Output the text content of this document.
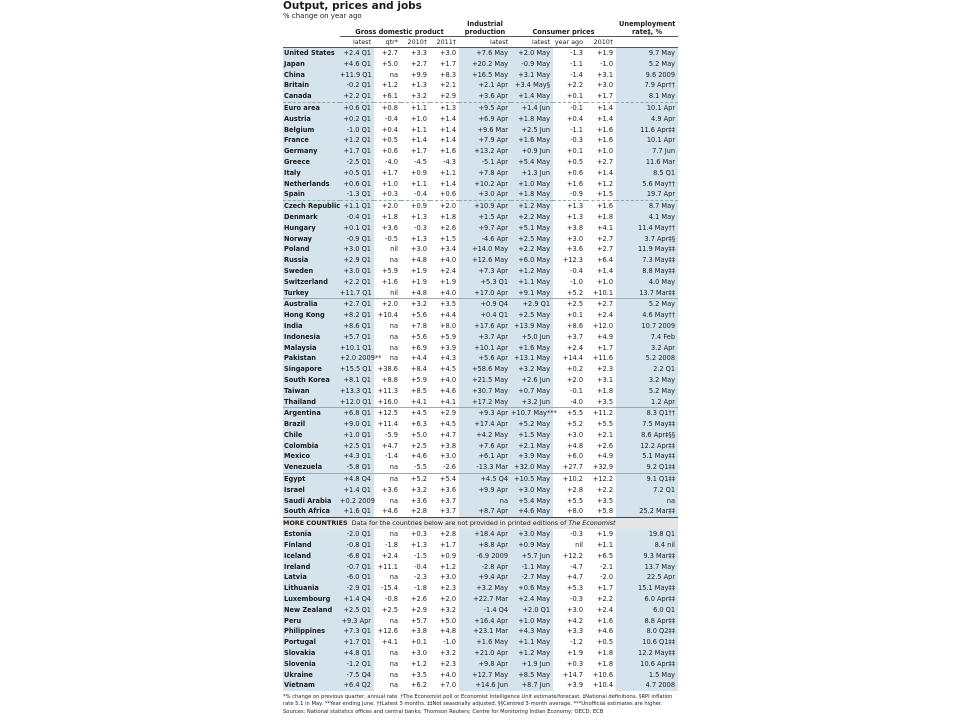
Output, prices and jobs
% change on year ago
	Gross domestic product				Industrial production	Consumer prices			Unemployment rate‡, %
	latest	qtr*	2010†	2011†	latest	latest	year ago	2010†	
United States	+2.4 Q1	+2.7	+3.3	+3.0	+7.6 May	+2.0 May	-1.3	+1.9	9.7 May
Japan	+4.6 Q1	+5.0	+2.7	+1.7	+20.2 May	-0.9 May	-1.1	-1.0	5.2 May
China	+11.9 Q1	na	+9.9	+8.3	+16.5 May	+3.1 May	-1.4	+3.1	9.6 2009
Britain	-0.2 Q1	+1.2	+1.3	+2.1	+2.1 Apr	+3.4 May§	+2.2	+3.0	7.9 Apr††
Canada	+2.2 Q1	+6.1	+3.2	+2.9	+3.6 Apr	+1.4 May	+0.1	+1.7	8.1 May
Euro area	+0.6 Q1	+0.8	+1.1	+1.3	+9.5 Apr	+1.4 Jun	-0.1	+1.4	10.1 Apr
Austria	+0.2 Q1	-0.4	+1.0	+1.4	+6.9 Apr	+1.8 May	+0.4	+1.4	4.9 Apr
Belgium	-1.0 Q1	+0.4	+1.1	+1.4	+9.6 Mar	+2.5 Jun	-1.1	+1.6	11.6 Apr‡‡
France	+1.2 Q1	+0.5	+1.4	+1.4	+7.9 Apr	+1.6 May	-0.3	+1.6	10.1 Apr
Germany	+1.7 Q1	+0.6	+1.7	+1.6	+13.2 Apr	+0.9 Jun	+0.1	+1.0	7.7 Jun
Greece	-2.5 Q1	-4.0	-4.5	-4.3	-5.1 Apr	+5.4 May	+0.5	+2.7	11.6 Mar
Italy	+0.5 Q1	+1.7	+0.9	+1.1	+7.8 Apr	+1.3 Jun	+0.6	+1.4	8.5 Q1
Netherlands	+0.6 Q1	+1.0	+1.1	+1.4	+10.2 Apr	+1.0 May	+1.6	+1.2	5.6 May††
Spain	-1.3 Q1	+0.3	-0.4	+0.6	+3.0 Apr	+1.8 May	-0.9	+1.5	19.7 Apr
Czech Republic	+1.1 Q1	+2.0	+0.9	+2.0	+10.9 Apr	+1.2 May	+1.3	+1.6	8.7 May
Denmark	-0.4 Q1	+1.8	+1.3	+1.8	+1.5 Apr	+2.2 May	+1.3	+1.8	4.1 May
Hungary	+0.1 Q1	+3.6	-0.3	+2.6	+9.7 Apr	+5.1 May	+3.8	+4.1	11.4 May††
Norway	-0.9 Q1	-0.5	+1.3	+1.5	-4.6 Apr	+2.5 May	+3.0	+2.7	3.7 Apr‡§
Poland	+3.0 Q1	nil	+3.0	+3.4	+14.0 May	+2.2 May	+3.6	+2.7	11.9 May‡‡
Russia	+2.9 Q1	na	+4.8	+4.0	+12.6 May	+6.0 May	+12.3	+6.4	7.3 May‡‡
Sweden	+3.0 Q1	+5.9	+1.9	+2.4	+7.3 Apr	+1.2 May	-0.4	+1.4	8.8 May‡‡
Switzerland	+2.2 Q1	+1.6	+1.9	+1.9	+5.3 Q1	+1.1 May	-1.0	+1.0	4.0 May
Turkey	+11.7 Q1	nil	+4.8	+4.0	+17.0 Apr	+9.1 May	+5.2	+10.1	13.7 Mar‡‡
Australia	+2.7 Q1	+2.0	+3.2	+3.5	+0.9 Q4	+2.9 Q1	+2.5	+2.7	5.2 May
Hong Kong	+8.2 Q1	+10.4	+5.6	+4.4	+0.4 Q1	+2.5 May	+0.1	+2.4	4.6 May††
India	+8.6 Q1	na	+7.8	+8.0	+17.6 Apr	+13.9 May	+8.6	+12.0	10.7 2009
Indonesia	+5.7 Q1	na	+5.6	+5.9	+3.7 Apr	+5.0 Jun	+3.7	+4.9	7.4 Feb
Malaysia	+10.1 Q1	na	+6.9	+3.9	+10.1 Apr	+1.6 May	+2.4	+1.7	3.2 Apr
Pakistan	+2.0 2009**	na	+4.4	+4.3	+5.6 Apr	+13.1 May	+14.4	+11.6	5.2 2008
Singapore	+15.5 Q1	+38.6	+8.4	+4.5	+58.6 May	+3.2 May	+0.2	+2.3	2.2 Q1
South Korea	+8.1 Q1	+8.8	+5.9	+4.0	+21.5 May	+2.6 Jun	+2.0	+3.1	3.2 May
Taiwan	+13.3 Q1	+11.3	+8.5	+4.6	+30.7 May	+0.7 May	-0.1	+1.8	5.2 May
Thailand	+12.0 Q1	+16.0	+4.1	+4.1	+17.2 May	+3.2 Jun	-4.0	+3.5	1.2 Apr
Argentina	+6.8 Q1	+12.5	+4.5	+2.9	+9.3 Apr	+10.7 May***	+5.5	+11.2	8.3 Q1††
Brazil	+9.0 Q1	+11.4	+6.3	+4.5	+17.4 Apr	+5.2 May	+5.2	+5.5	7.5 May‡‡
Chile	+1.0 Q1	-5.9	+5.0	+4.7	+4.2 May	+1.5 May	+3.0	+2.1	8.6 Apr‡§§
Colombia	+2.5 Q1	+4.7	+2.5	+3.8	+7.6 Apr	+2.1 May	+4.8	+2.6	12.2 Apr‡‡
Mexico	+4.3 Q1	-1.4	+4.6	+3.0	+6.1 Apr	+3.9 May	+6.0	+4.9	5.1 May‡‡
Venezuela	-5.8 Q1	na	-5.5	-2.6	-13.3 Mar	+32.0 May	+27.7	+32.9	9.2 Q1‡‡
Egypt	+4.8 Q4	na	+5.2	+5.4	+4.5 Q4	+10.5 May	+10.2	+12.2	9.1 Q1‡‡
Israel	+1.4 Q1	+3.6	+3.2	+3.6	+9.9 Apr	+3.0 May	+2.8	+2.2	7.2 Q1
Saudi Arabia	+0.2 2009	na	+3.6	+3.7	na	+5.4 May	+5.5	+3.5	na
South Africa	+1.6 Q1	+4.6	+2.8	+3.7	+8.7 Apr	+4.6 May	+8.0	+5.8	25.2 Mar‡‡
MORE COUNTRIES Data for the countries below are not provided in printed editions of The Economist									
Estonia	-2.0 Q1	na	+0.3	+2.8	+18.4 Apr	+3.0 May	-0.3	+1.9	19.8 Q1
Finland	-0.8 Q1	-1.8	+1.3	+1.7	+8.8 Apr	+0.9 May	nil	+1.1	8.4 nil
Iceland	-6.8 Q1	+2.4	-1.5	+0.9	-6.9 2009	+5.7 Jun	+12.2	+6.5	9.3 Mar‡‡
Ireland	-0.7 Q1	+11.1	-0.4	+1.2	-2.8 Apr	-1.1 May	-4.7	-2.1	13.7 May
Latvia	-6.0 Q1	na	-2.3	+3.0	+9.4 Apr	-2.7 May	+4.7	-2.0	22.5 Apr
Lithuania	-2.9 Q1	-15.4	-1.8	+2.3	+3.2 May	+0.6 May	+5.3	+1.7	15.1 May‡‡
Luxembourg	+1.4 Q4	-0.8	+2.6	+2.0	+22.7 Mar	+2.4 May	-0.3	+2.2	6.0 Apr‡‡
New Zealand	+2.5 Q1	+2.5	+2.9	+3.2	-1.4 Q4	+2.0 Q1	+3.0	+2.4	6.0 Q1
Peru	+9.3 Apr	na	+5.7	+5.0	+16.4 Apr	+1.0 May	+4.2	+1.6	8.8 Apr‡‡
Philippines	+7.3 Q1	+12.6	+3.8	+4.8	+23.1 Mar	+4.3 May	+3.3	+4.6	8.0 Q2‡‡
Portugal	+1.7 Q1	+4.1	+0.1	-1.0	+1.6 May	+1.1 May	-1.2	+0.5	10.6 Q1‡‡
Slovakia	+4.8 Q1	na	+3.0	+3.2	+21.0 Apr	+1.2 May	+1.9	+1.8	12.2 May‡‡
Slovenia	-1.2 Q1	na	+1.2	+2.3	+9.8 Apr	+1.9 Jun	+0.3	+1.8	10.6 Apr‡‡
Ukraine	-7.5 Q4	na	+3.5	+4.0	+12.7 May	+8.5 May	+14.7	+10.6	1.5 May
Vietnam	+6.4 Q2	na	+6.2	+7.0	+14.6 Jun	+8.7 Jun	+3.9	+10.4	4.7 2008
*% change on previous quarter, annual rate. †The Economist poll or Economist Intelligence Unit estimate/forecast. ‡National definitions. §RPI inflation
rate 5.1 in May. **Year ending June. ††Latest 3 months. ‡‡Not seasonally adjusted. §§Centred 3-month average. ***Unofficial estimates are higher.
Sources: National statistics offices and central banks; Thomson Reuters; Centre for Monitoring Indian Economy; OECD; ECB
